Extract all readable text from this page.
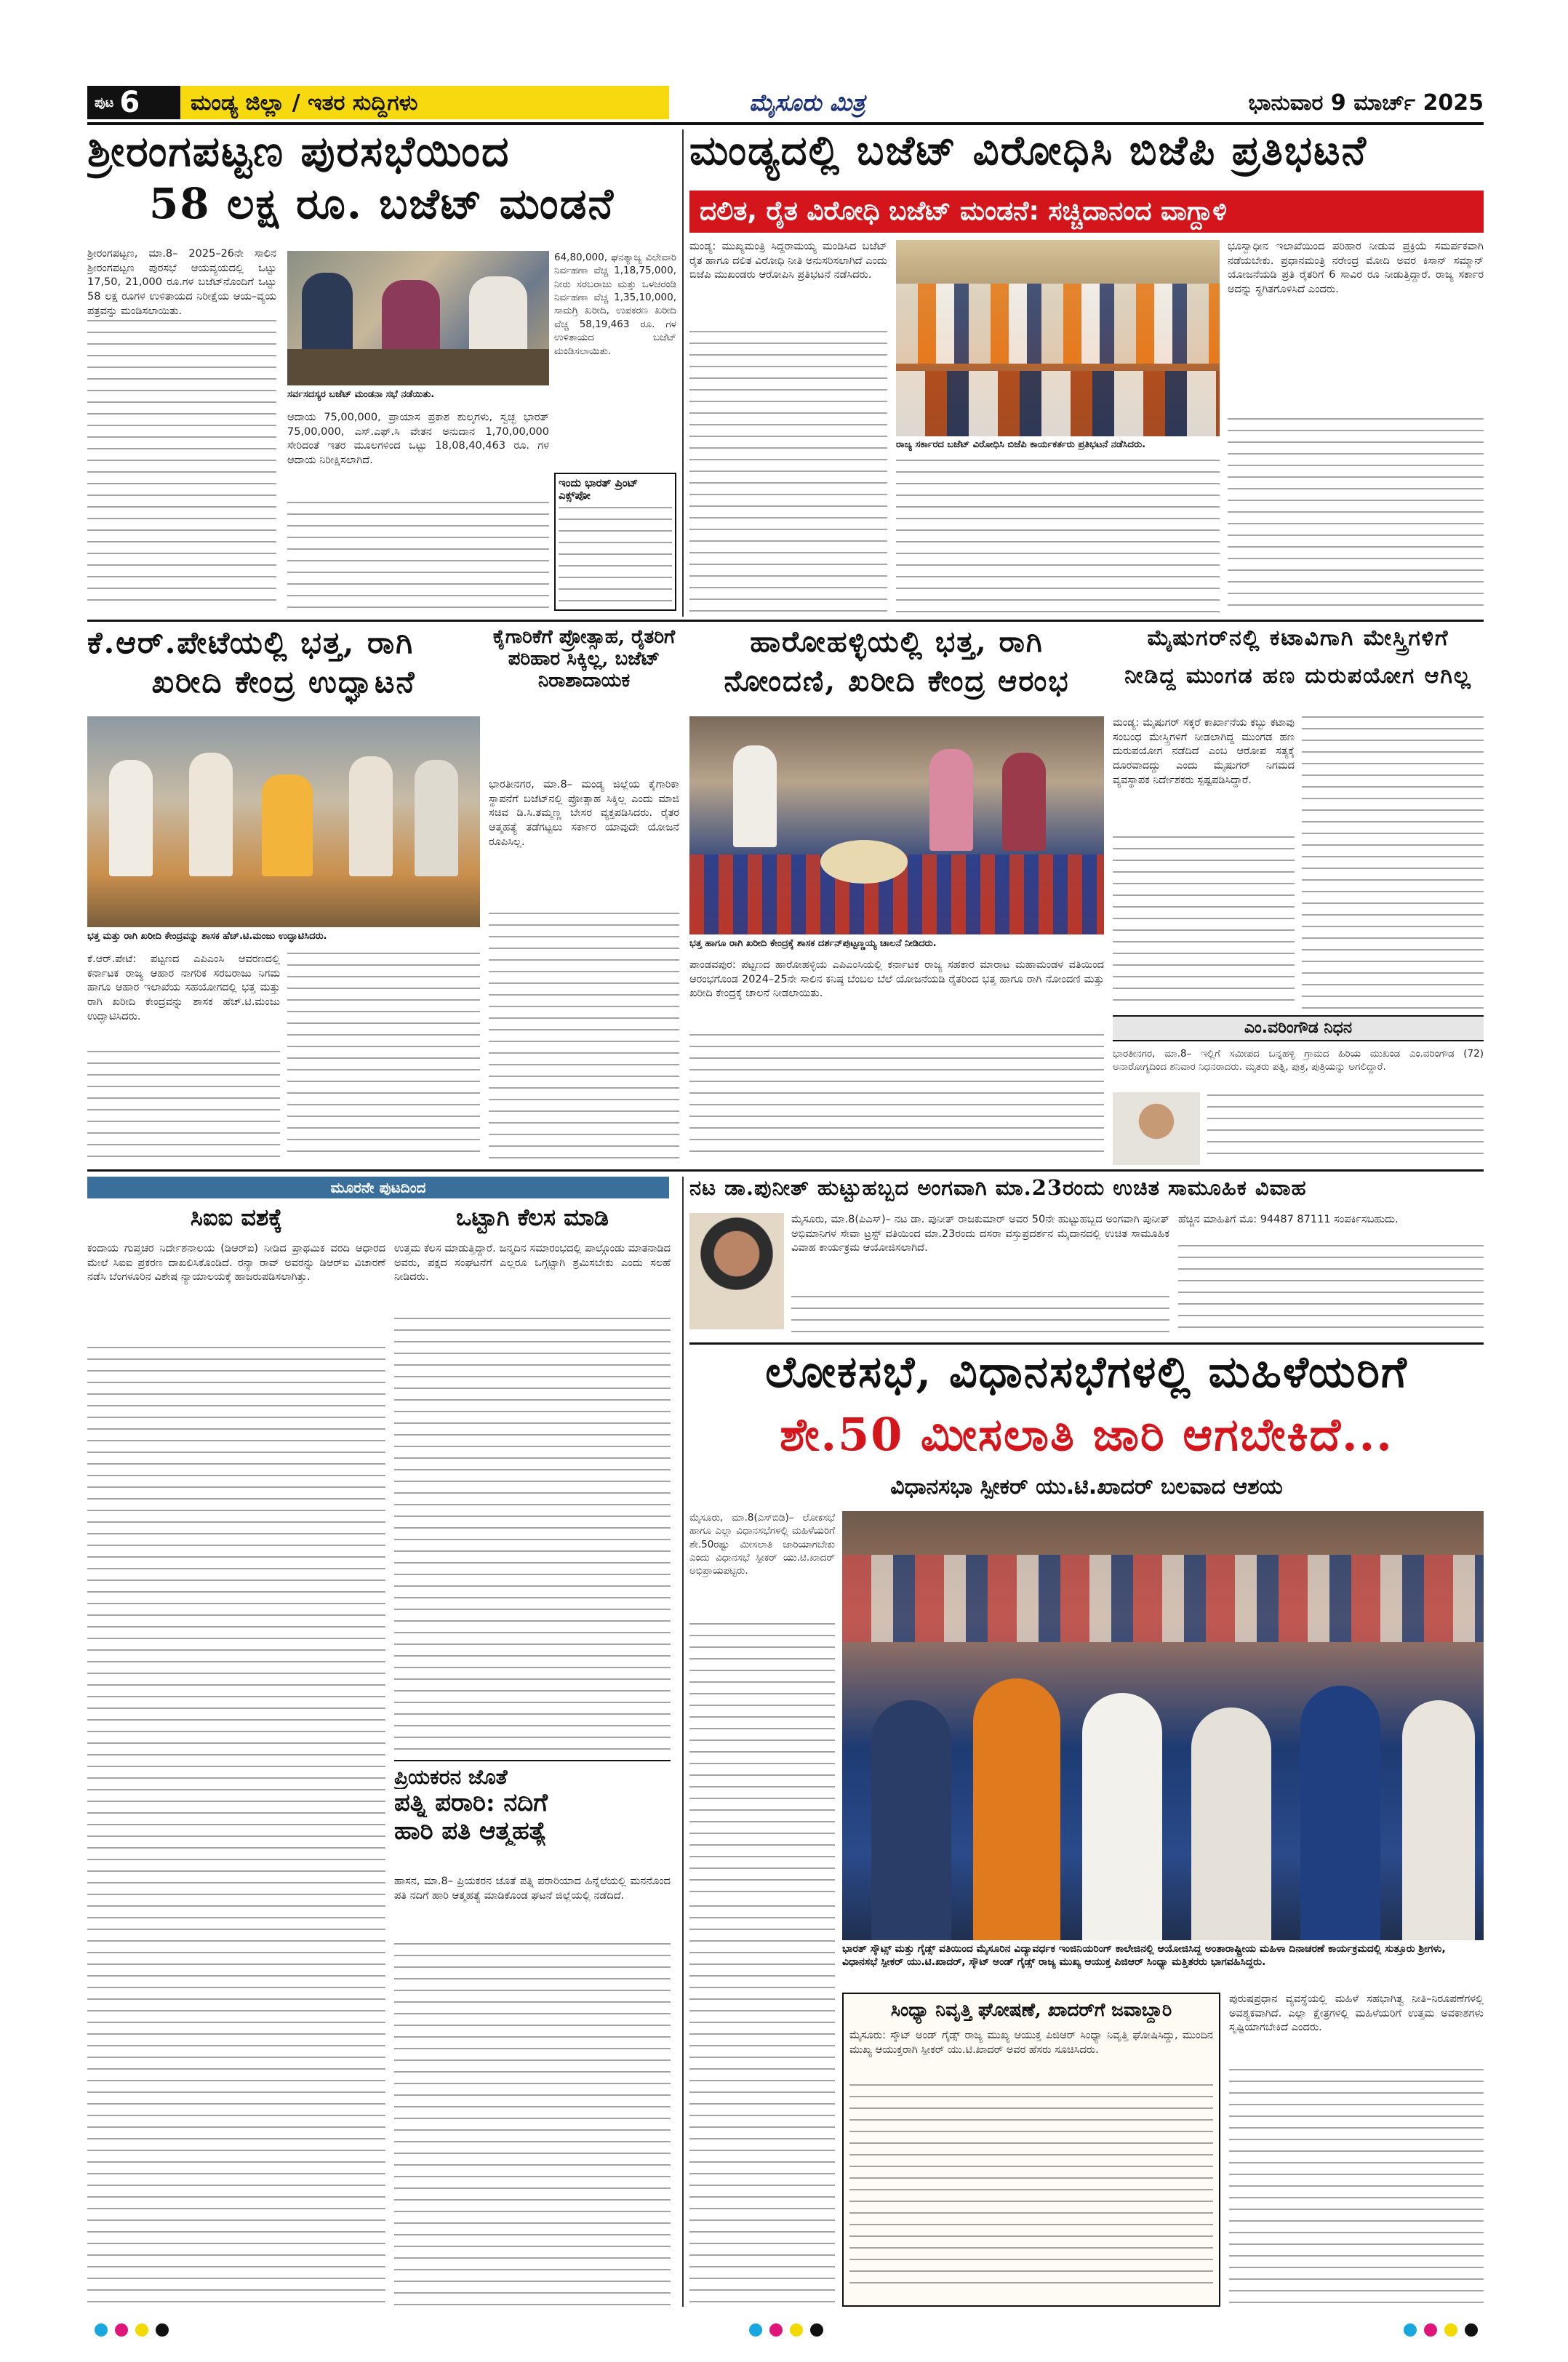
ಪುಟ 6 ಮಂಡ್ಯ ಜಿಲ್ಲಾ / ಇತರ ಸುದ್ದಿಗಳು	ಮೈಸೂರು ಮಿತ್ರ	ಭಾನುವಾರ 9 ಮಾರ್ಚ್ 2025
ಶ್ರೀರಂಗಪಟ್ಟಣ ಪುರಸಭೆಯಿಂದ
58 ಲಕ್ಷ ರೂ. ಬಜೆಟ್ ಮಂಡನೆ
ಶ್ರೀರಂಗಪಟ್ಟಣ, ಮಾ.8– 2025–26ನೇ ಸಾಲಿನ ಶ್ರೀರಂಗಪಟ್ಟಣ ಪುರಸಭೆ ಆಯವ್ಯಯದಲ್ಲಿ ಒಟ್ಟು 17,50, 21,000 ರೂ.ಗಳ ಬಜೆಟ್‌ನೊಂದಿಗೆ ಒಟ್ಟು 58 ಲಕ್ಷ ರೂಗಳ ಉಳಿತಾಯದ ನಿರೀಕ್ಷೆಯ ಆಯ–ವ್ಯಯ ಪತ್ರವನ್ನು ಮಂಡಿಸಲಾಯಿತು.
ಸರ್ವಸದಸ್ಯರ ಬಜೆಟ್ ಮಂಡನಾ ಸಭೆ ನಡೆಯಿತು.
64,80,000, ಘನತ್ಯಾಜ್ಯ ವಿಲೇವಾರಿ ನಿರ್ವಹಣಾ ವೆಚ್ಚ 1,18,75,000, ನೀರು ಸರಬರಾಜು ಮತ್ತು ಒಳಚರಂಡಿ ನಿರ್ವಹಣಾ ವೆಚ್ಚ 1,35,10,000, ಸಾಮಗ್ರಿ ಖರೀದಿ, ಉಪಕರಣ ಖರೀದಿ ವೆಚ್ಚ 58,19,463 ರೂ. ಗಳ ಉಳಿತಾಯದ ಬಜೆಟ್ ಮಂಡಿಸಲಾಯಿತು.
ಆದಾಯ 75,00,000, ಪ್ರಾಯಾಸ ಪ್ರಕಾಶ ಶುಲ್ಕಗಳು, ಸ್ವಚ್ಛ ಭಾರತ್ 75,00,000, ಎಸ್.ಎಫ್.ಸಿ ವೇತನ ಅನುದಾನ 1,70,00,000 ಸೇರಿದಂತೆ ಇತರ ಮೂಲಗಳಿಂದ ಒಟ್ಟು 18,08,40,463 ರೂ. ಗಳ ಆದಾಯ ನಿರೀಕ್ಷಿಸಲಾಗಿದೆ.
ಇಂದು ಭಾರತ್ ಪ್ರಿಂಟ್ ಎಕ್ಸ್‌ಪೋ
ಮಂಡ್ಯದಲ್ಲಿ ಬಜೆಟ್ ವಿರೋಧಿಸಿ ಬಿಜೆಪಿ ಪ್ರತಿಭಟನೆ
ದಲಿತ, ರೈತ ವಿರೋಧಿ ಬಜೆಟ್ ಮಂಡನೆ: ಸಚ್ಚಿದಾನಂದ ವಾಗ್ದಾಳಿ
ಮಂಡ್ಯ: ಮುಖ್ಯಮಂತ್ರಿ ಸಿದ್ದರಾಮಯ್ಯ ಮಂಡಿಸಿದ ಬಜೆಟ್ ರೈತ ಹಾಗೂ ದಲಿತ ವಿರೋಧಿ ನೀತಿ ಅನುಸರಿಸಲಾಗಿದೆ ಎಂದು ಬಿಜೆಪಿ ಮುಖಂಡರು ಆರೋಪಿಸಿ ಪ್ರತಿಭಟನೆ ನಡೆಸಿದರು.
ರಾಜ್ಯ ಸರ್ಕಾರದ ಬಜೆಟ್ ವಿರೋಧಿಸಿ ಬಿಜೆಪಿ ಕಾರ್ಯಕರ್ತರು ಪ್ರತಿಭಟನೆ ನಡೆಸಿದರು.
ಭೂಸ್ವಾಧೀನ ಇಲಾಖೆಯಿಂದ ಪರಿಹಾರ ನೀಡುವ ಪ್ರಕ್ರಿಯೆ ಸಮರ್ಪಕವಾಗಿ ನಡೆಯಬೇಕು. ಪ್ರಧಾನಮಂತ್ರಿ ನರೇಂದ್ರ ಮೋದಿ ಅವರ ಕಿಸಾನ್ ಸಮ್ಮಾನ್ ಯೋಜನೆಯಡಿ ಪ್ರತಿ ರೈತರಿಗೆ 6 ಸಾವಿರ ರೂ ನೀಡುತ್ತಿದ್ದಾರೆ. ರಾಜ್ಯ ಸರ್ಕಾರ ಅದನ್ನು ಸ್ಥಗಿತಗೊಳಿಸಿದೆ ಎಂದರು.
ಕೆ.ಆರ್.ಪೇಟೆಯಲ್ಲಿ ಭತ್ತ, ರಾಗಿ
ಖರೀದಿ ಕೇಂದ್ರ ಉದ್ಘಾಟನೆ
ಭತ್ತ ಮತ್ತು ರಾಗಿ ಖರೀದಿ ಕೇಂದ್ರವನ್ನು ಶಾಸಕ ಹೆಚ್.ಟಿ.ಮಂಜು ಉದ್ಘಾಟಿಸಿದರು.
ಕೆ.ಆರ್.ಪೇಟೆ: ಪಟ್ಟಣದ ಎಪಿಎಂಸಿ ಆವರಣದಲ್ಲಿ ಕರ್ನಾಟಕ ರಾಜ್ಯ ಆಹಾರ ನಾಗರಿಕ ಸರಬರಾಜು ನಿಗಮ ಹಾಗೂ ಆಹಾರ ಇಲಾಖೆಯ ಸಹಯೋಗದಲ್ಲಿ ಭತ್ತ ಮತ್ತು ರಾಗಿ ಖರೀದಿ ಕೇಂದ್ರವನ್ನು ಶಾಸಕ ಹೆಚ್.ಟಿ.ಮಂಜು ಉದ್ಘಾಟಿಸಿದರು.
ಕೈಗಾರಿಕೆಗೆ ಪ್ರೋತ್ಸಾಹ, ರೈತರಿಗೆ ಪರಿಹಾರ ಸಿಕ್ಕಿಲ್ಲ, ಬಜೆಟ್ ನಿರಾಶಾದಾಯಕ
ಭಾರತೀನಗರ, ಮಾ.8– ಮಂಡ್ಯ ಜಿಲ್ಲೆಯ ಕೈಗಾರಿಕಾ ಸ್ಥಾಪನೆಗೆ ಬಜೆಟ್‌ನಲ್ಲಿ ಪ್ರೋತ್ಸಾಹ ಸಿಕ್ಕಿಲ್ಲ ಎಂದು ಮಾಜಿ ಸಚಿವ ಡಿ.ಸಿ.ತಮ್ಮಣ್ಣ ಬೇಸರ ವ್ಯಕ್ತಪಡಿಸಿದರು. ರೈತರ ಆತ್ಮಹತ್ಯೆ ತಡೆಗಟ್ಟಲು ಸರ್ಕಾರ ಯಾವುದೇ ಯೋಜನೆ ರೂಪಿಸಿಲ್ಲ.
ಹಾರೋಹಳ್ಳಿಯಲ್ಲಿ ಭತ್ತ, ರಾಗಿ
ನೋಂದಣಿ, ಖರೀದಿ ಕೇಂದ್ರ ಆರಂಭ
ಭತ್ತ ಹಾಗೂ ರಾಗಿ ಖರೀದಿ ಕೇಂದ್ರಕ್ಕೆ ಶಾಸಕ ದರ್ಶನ್‌ಪುಟ್ಟಣ್ಣಯ್ಯ ಚಾಲನೆ ನೀಡಿದರು.
ಪಾಂಡವಪುರ: ಪಟ್ಟಣದ ಹಾರೋಹಳ್ಳಿಯ ಎಪಿಎಂಸಿಯಲ್ಲಿ ಕರ್ನಾಟಕ ರಾಜ್ಯ ಸಹಕಾರ ಮಾರಾಟ ಮಹಾಮಂಡಳ ವತಿಯಿಂದ ಆರಂಭಗೊಂಡ 2024–25ನೇ ಸಾಲಿನ ಕನಿಷ್ಠ ಬೆಂಬಲ ಬೆಲೆ ಯೋಜನೆಯಡಿ ರೈತರಿಂದ ಭತ್ತ ಹಾಗೂ ರಾಗಿ ನೋಂದಣಿ ಮತ್ತು ಖರೀದಿ ಕೇಂದ್ರಕ್ಕೆ ಚಾಲನೆ ನೀಡಲಾಯಿತು.
ಮೈಷುಗರ್‌ನಲ್ಲಿ ಕಟಾವಿಗಾಗಿ ಮೇಸ್ತ್ರಿಗಳಿಗೆ
ನೀಡಿದ್ದ ಮುಂಗಡ ಹಣ ದುರುಪಯೋಗ ಆಗಿಲ್ಲ
ಮಂಡ್ಯ: ಮೈಷುಗರ್ ಸಕ್ಕರೆ ಕಾರ್ಖಾನೆಯ ಕಬ್ಬು ಕಟಾವು ಸಂಬಂಧ ಮೇಸ್ತ್ರಿಗಳಿಗೆ ನೀಡಲಾಗಿದ್ದ ಮುಂಗಡ ಹಣ ದುರುಪಯೋಗ ನಡೆದಿದೆ ಎಂಬ ಆರೋಪ ಸತ್ಯಕ್ಕೆ ದೂರವಾದದ್ದು ಎಂದು ಮೈಷುಗರ್ ನಿಗಮದ ವ್ಯವಸ್ಥಾಪಕ ನಿರ್ದೇಶಕರು ಸ್ಪಷ್ಟಪಡಿಸಿದ್ದಾರೆ.
ಎಂ.ವರಿಂಗೌಡ ನಿಧನ
ಭಾರತೀನಗರ, ಮಾ.8– ಇಲ್ಲಿಗೆ ಸಮೀಪದ ಬನ್ನಹಳ್ಳಿ ಗ್ರಾಮದ ಹಿರಿಯ ಮುಖಂಡ ಎಂ.ವರಿಂಗೌಡ (72) ಅನಾರೋಗ್ಯದಿಂದ ಶನಿವಾರ ನಿಧನರಾದರು. ಮೃತರು ಪತ್ನಿ, ಪುತ್ರ, ಪುತ್ರಿಯನ್ನು ಅಗಲಿದ್ದಾರೆ.
ಮೂರನೇ ಪುಟದಿಂದ
ಸಿಐಐ ವಶಕ್ಕೆ
ಕಂದಾಯ ಗುಪ್ತಚರ ನಿರ್ದೇಶನಾಲಯ (ಡಿಆರ್‌ಐ) ನೀಡಿದ ಪ್ರಾಥಮಿಕ ವರದಿ ಆಧಾರದ ಮೇಲೆ ಸಿಐಐ ಪ್ರಕರಣ ದಾಖಲಿಸಿಕೊಂಡಿದೆ. ರನ್ಯಾ ರಾವ್ ಅವರನ್ನು ಡಿಆರ್‌ಐ ವಿಚಾರಣೆ ನಡೆಸಿ ಬೆಂಗಳೂರಿನ ವಿಶೇಷ ನ್ಯಾಯಾಲಯಕ್ಕೆ ಹಾಜರುಪಡಿಸಲಾಗಿತ್ತು.
ಒಟ್ಟಾಗಿ ಕೆಲಸ ಮಾಡಿ
ಉತ್ತಮ ಕೆಲಸ ಮಾಡುತ್ತಿದ್ದಾರೆ. ಜನ್ಮದಿನ ಸಮಾರಂಭದಲ್ಲಿ ಪಾಲ್ಗೊಂಡು ಮಾತನಾಡಿದ ಅವರು, ಪಕ್ಷದ ಸಂಘಟನೆಗೆ ಎಲ್ಲರೂ ಒಗ್ಗಟ್ಟಾಗಿ ಶ್ರಮಿಸಬೇಕು ಎಂದು ಸಲಹೆ ನೀಡಿದರು.
ಪ್ರಿಯಕರನ ಜೊತೆ
ಪತ್ನಿ ಪರಾರಿ: ನದಿಗೆ
ಹಾರಿ ಪತಿ ಆತ್ಮಹತ್ಯೆ
ಹಾಸನ, ಮಾ.8– ಪ್ರಿಯಕರನ ಜೊತೆ ಪತ್ನಿ ಪರಾರಿಯಾದ ಹಿನ್ನೆಲೆಯಲ್ಲಿ ಮನನೊಂದ ಪತಿ ನದಿಗೆ ಹಾರಿ ಆತ್ಮಹತ್ಯೆ ಮಾಡಿಕೊಂಡ ಘಟನೆ ಜಿಲ್ಲೆಯಲ್ಲಿ ನಡೆದಿದೆ.
ನಟ ಡಾ.ಪುನೀತ್ ಹುಟ್ಟುಹಬ್ಬದ ಅಂಗವಾಗಿ ಮಾ.23ರಂದು ಉಚಿತ ಸಾಮೂಹಿಕ ವಿವಾಹ
ಮೈಸೂರು, ಮಾ.8(ಪಿಎಸ್)– ನಟ ಡಾ. ಪುನೀತ್ ರಾಜಕುಮಾರ್ ಅವರ 50ನೇ ಹುಟ್ಟುಹಬ್ಬದ ಅಂಗವಾಗಿ ಪುನೀತ್ ಅಭಿಮಾನಿಗಳ ಸೇವಾ ಟ್ರಸ್ಟ್ ವತಿಯಿಂದ ಮಾ.23ರಂದು ದಸರಾ ವಸ್ತುಪ್ರದರ್ಶನ ಮೈದಾನದಲ್ಲಿ ಉಚಿತ ಸಾಮೂಹಿಕ ವಿವಾಹ ಕಾರ್ಯಕ್ರಮ ಆಯೋಜಿಸಲಾಗಿದೆ.
ಹೆಚ್ಚಿನ ಮಾಹಿತಿಗೆ ಮೊ: 94487 87111 ಸಂಪರ್ಕಿಸಬಹುದು.
ಲೋಕಸಭೆ, ವಿಧಾನಸಭೆಗಳಲ್ಲಿ ಮಹಿಳೆಯರಿಗೆ
ಶೇ.50 ಮೀಸಲಾತಿ ಜಾರಿ ಆಗಬೇಕಿದೆ...
ವಿಧಾನಸಭಾ ಸ್ಪೀಕರ್ ಯು.ಟಿ.ಖಾದರ್ ಬಲವಾದ ಆಶಯ
ಮೈಸೂರು, ಮಾ.8(ಎಸ್‌ಬಿಡಿ)– ಲೋಕಸಭೆ ಹಾಗೂ ಎಲ್ಲಾ ವಿಧಾನಸಭೆಗಳಲ್ಲಿ ಮಹಿಳೆಯರಿಗೆ ಶೇ.50ರಷ್ಟು ಮೀಸಲಾತಿ ಜಾರಿಯಾಗಬೇಕು ಎಂದು ವಿಧಾನಸಭೆ ಸ್ಪೀಕರ್ ಯು.ಟಿ.ಖಾದರ್ ಅಭಿಪ್ರಾಯಪಟ್ಟರು.
ಭಾರತ್ ಸ್ಕೌಟ್ಸ್ ಮತ್ತು ಗೈಡ್ಸ್ ವತಿಯಿಂದ ಮೈಸೂರಿನ ವಿದ್ಯಾವರ್ಧಕ ಇಂಜಿನಿಯರಿಂಗ್ ಕಾಲೇಜಿನಲ್ಲಿ ಆಯೋಜಿಸಿದ್ದ ಅಂತಾರಾಷ್ಟ್ರೀಯ ಮಹಿಳಾ ದಿನಾಚರಣೆ ಕಾರ್ಯಕ್ರಮದಲ್ಲಿ ಸುತ್ತೂರು ಶ್ರೀಗಳು, ವಿಧಾನಸಭೆ ಸ್ಪೀಕರ್ ಯು.ಟಿ.ಖಾದರ್, ಸ್ಕೌಟ್ ಅಂಡ್ ಗೈಡ್ಸ್ ರಾಜ್ಯ ಮುಖ್ಯ ಆಯುಕ್ತ ಪಿಜಿಆರ್ ಸಿಂಧ್ಯಾ ಮತ್ತಿತರರು ಭಾಗವಹಿಸಿದ್ದರು.
ಸಿಂಧ್ಯಾ ನಿವೃತ್ತಿ ಘೋಷಣೆ, ಖಾದರ್‌ಗೆ ಜವಾಬ್ದಾರಿ
ಮೈಸೂರು: ಸ್ಕೌಟ್ ಅಂಡ್ ಗೈಡ್ಸ್ ರಾಜ್ಯ ಮುಖ್ಯ ಆಯುಕ್ತ ಪಿಜಿಆರ್ ಸಿಂಧ್ಯಾ ನಿವೃತ್ತಿ ಘೋಷಿಸಿದ್ದು, ಮುಂದಿನ ಮುಖ್ಯ ಆಯುಕ್ತರಾಗಿ ಸ್ಪೀಕರ್ ಯು.ಟಿ.ಖಾದರ್ ಅವರ ಹೆಸರು ಸೂಚಿಸಿದರು.
ಪುರುಷಪ್ರಧಾನ ವ್ಯವಸ್ಥೆಯಲ್ಲಿ ಮಹಿಳೆ ಸಹಭಾಗಿತ್ವ ನೀತಿ–ನಿರೂಪಣೆಗಳಲ್ಲಿ ಅವಶ್ಯಕವಾಗಿದೆ. ಎಲ್ಲಾ ಕ್ಷೇತ್ರಗಳಲ್ಲಿ ಮಹಿಳೆಯರಿಗೆ ಉತ್ತಮ ಅವಕಾಶಗಳು ಸೃಷ್ಟಿಯಾಗಬೇಕಿದೆ ಎಂದರು.
